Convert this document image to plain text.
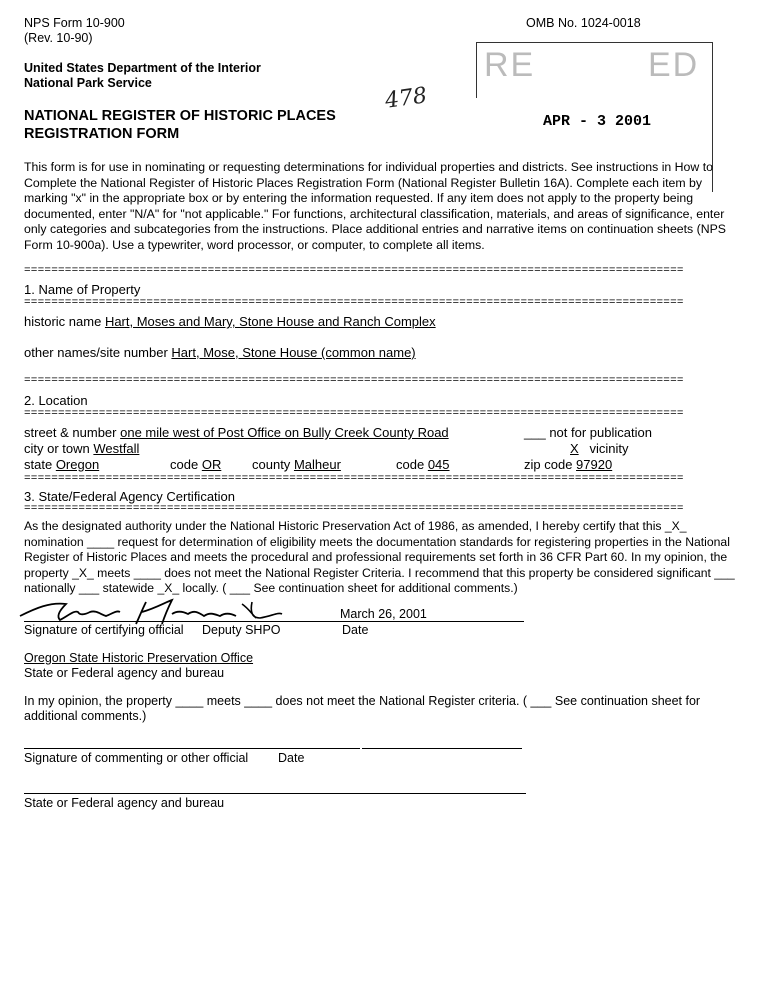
NPS Form 10-900
(Rev. 10-90)
OMB No. 1024-0018
United States Department of the Interior
National Park Service
NATIONAL REGISTER OF HISTORIC PLACES
REGISTRATION FORM
478
RE	ED
APR - 3 2001
This form is for use in nominating or requesting determinations for individual properties and districts. See instructions in How to Complete the National Register of Historic Places Registration Form (National Register Bulletin 16A). Complete each item by marking "x" in the appropriate box or by entering the information requested. If any item does not apply to the property being documented, enter "N/A" for "not applicable." For functions, architectural classification, materials, and areas of significance, enter only categories and subcategories from the instructions. Place additional entries and narrative items on continuation sheets (NPS Form 10-900a). Use a typewriter, word processor, or computer, to complete all items.
=================================================================================================
1. Name of Property
=================================================================================================
historic name Hart, Moses and Mary, Stone House and Ranch Complex
other names/site number Hart, Mose, Stone House (common name)
=================================================================================================
2. Location
=================================================================================================
street & number one mile west of Post Office on Bully Creek County Road	___ not for publication
city or town Westfall	X vicinity
state Oregon	code OR county Malheur	code 045	zip code 97920
=================================================================================================
3. State/Federal Agency Certification
=================================================================================================
As the designated authority under the National Historic Preservation Act of 1986, as amended, I hereby certify that this _X_ nomination ____ request for determination of eligibility meets the documentation standards for registering properties in the National Register of Historic Places and meets the procedural and professional requirements set forth in 36 CFR Part 60. In my opinion, the property _X_ meets ____ does not meet the National Register Criteria. I recommend that this property be considered significant ___ nationally ___ statewide _X_ locally. ( ___ See continuation sheet for additional comments.)
March 26, 2001
Signature of certifying official Deputy SHPO	Date
Oregon State Historic Preservation Office
State or Federal agency and bureau
In my opinion, the property ____ meets ____ does not meet the National Register criteria. ( ___ See continuation sheet for additional comments.)
Signature of commenting or other official Date
State or Federal agency and bureau
